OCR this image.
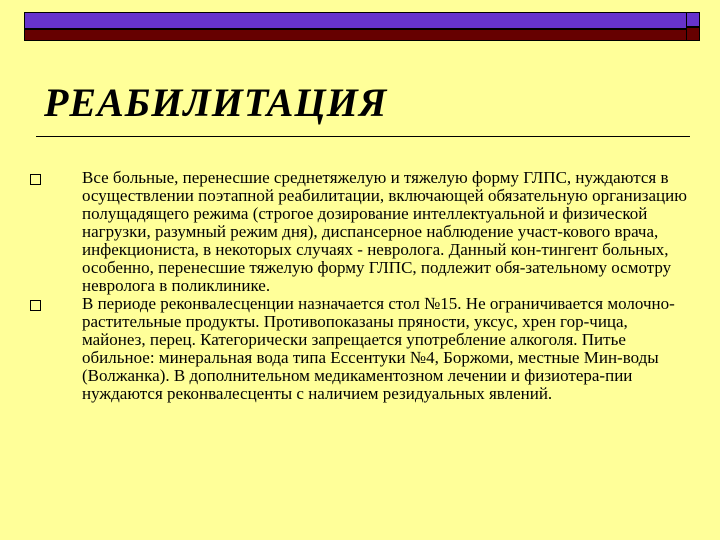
РЕАБИЛИТАЦИЯ
Все больные, перенесшие среднетяжелую и тяжелую форму ГЛПС, нуждаются в осуществлении поэтапной реабилитации, включающей обязательную организацию полущадящего режима (строгое дозирование интеллектуальной и физической нагрузки, разумный режим дня), диспансерное наблюдение участ-кового врача, инфекциониста, в некоторых случаях - невролога. Данный кон-тингент больных, особенно, перенесшие тяжелую форму ГЛПС, подлежит обя-зательному осмотру невролога в поликлинике.
В периоде реконвалесценции назначается стол №15. Не ограничивается молочно-растительные продукты. Противопоказаны пряности, уксус, хрен гор-чица, майонез, перец. Категорически запрещается употребление алкоголя. Питье обильное: минеральная вода типа Ессентуки №4, Боржоми, местные Мин-воды (Волжанка). В дополнительном медикаментозном лечении и физиотера-пии нуждаются реконвалесценты с наличием резидуальных явлений.
